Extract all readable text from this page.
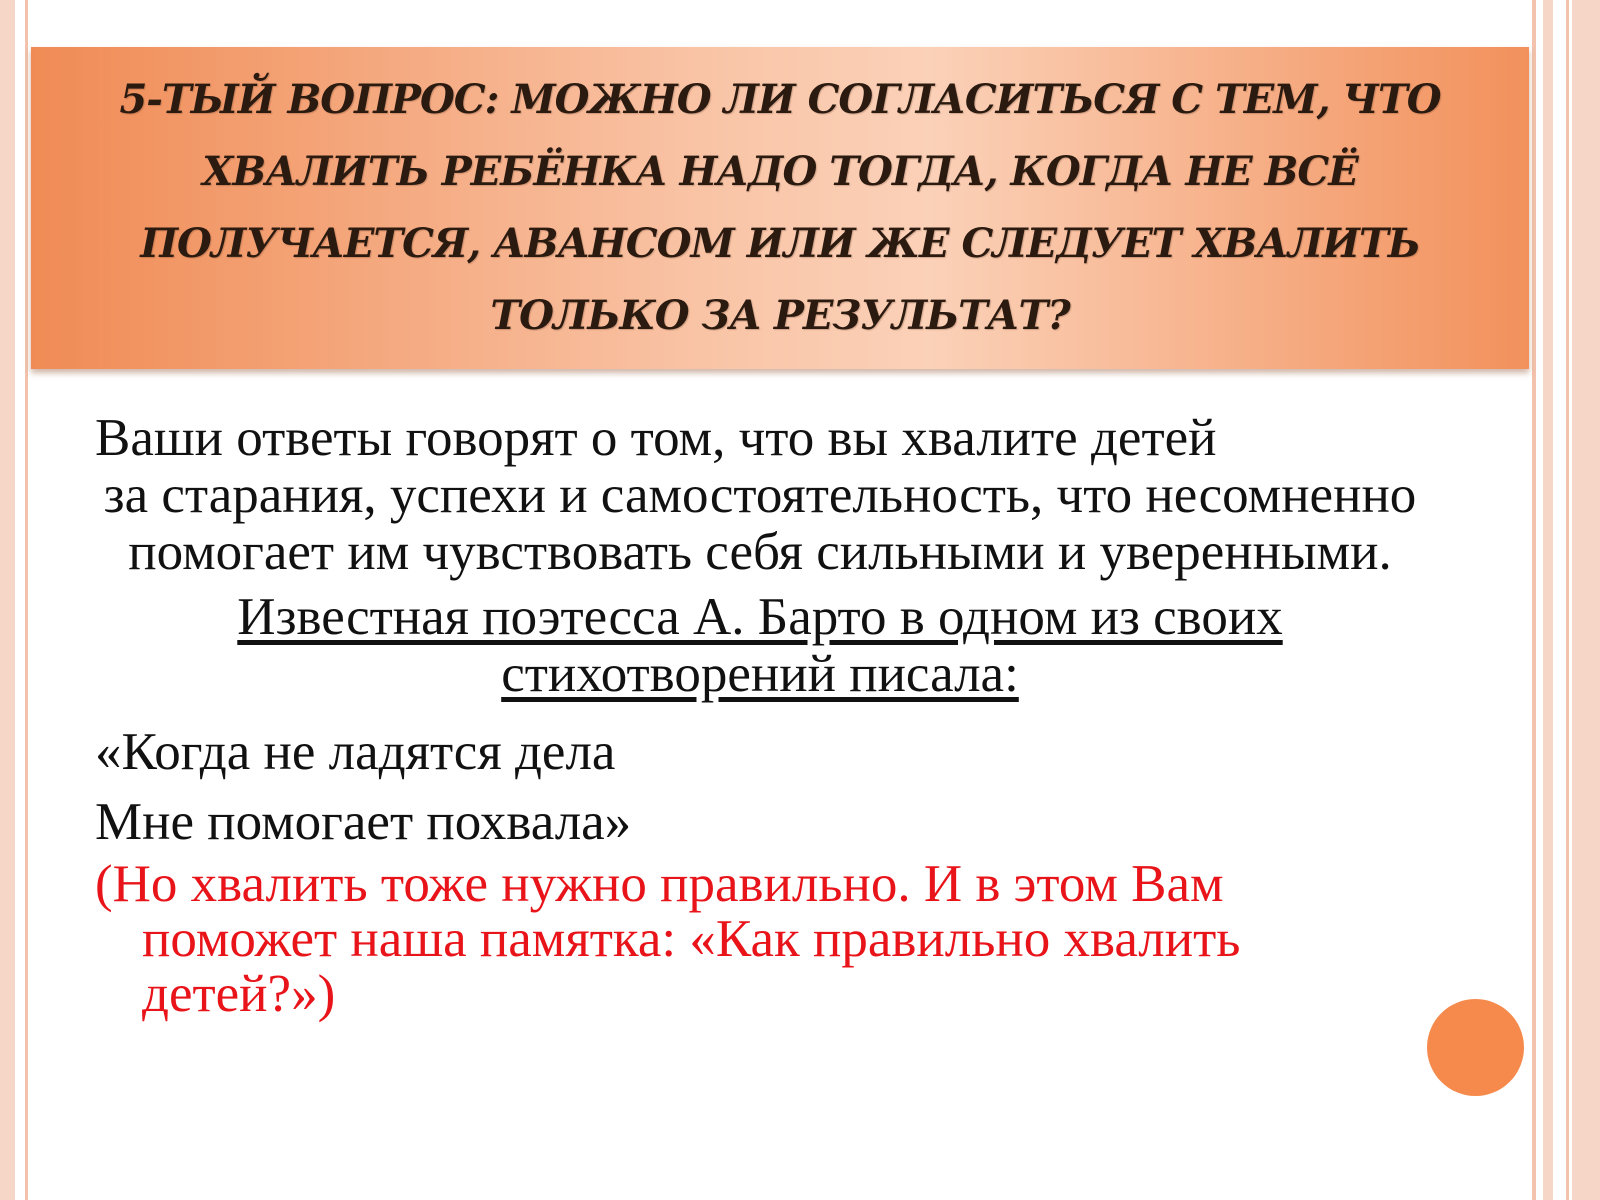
5-ТЫЙ ВОПРОС: МОЖНО ЛИ СОГЛАСИТЬСЯ С ТЕМ, ЧТО ХВАЛИТЬ РЕБЁНКА НАДО ТОГДА, КОГДА НЕ ВСЁ ПОЛУЧАЕТСЯ, АВАНСОМ ИЛИ ЖЕ СЛЕДУЕТ ХВАЛИТЬ ТОЛЬКО ЗА РЕЗУЛЬТАТ?

Ваши ответы говорят о том, что вы хвалите детей
за старания, успехи и самостоятельность, что несомненно помогает им чувствовать себя сильными и уверенными.

Известная поэтесса А. Барто в одном из своих стихотворений писала:

«Когда не ладятся дела

Мне помогает похвала»

(Но хвалить тоже нужно правильно. И в этом Вам поможет наша памятка: «Как правильно хвалить детей?»)
